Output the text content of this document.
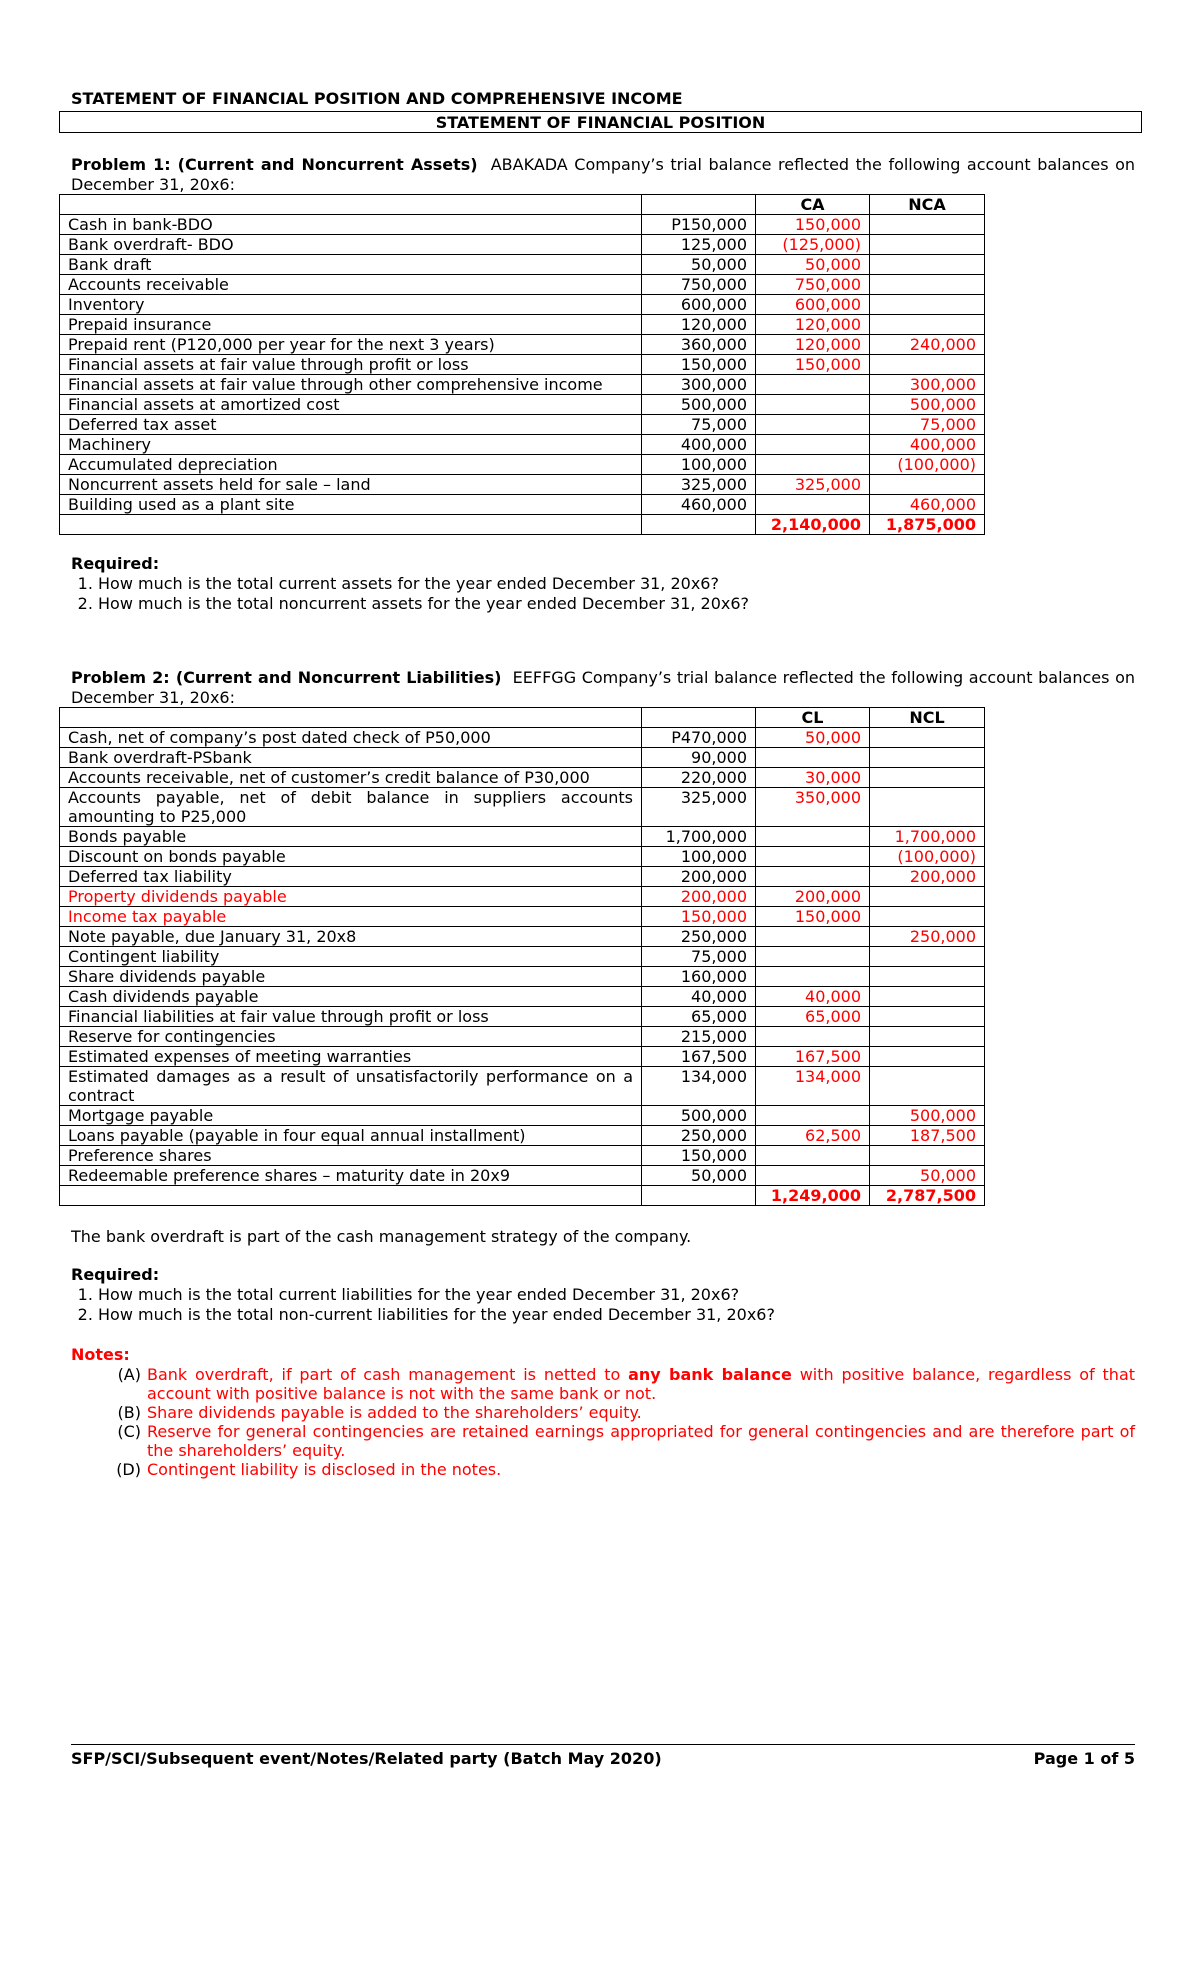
STATEMENT OF FINANCIAL POSITION AND COMPREHENSIVE INCOME
STATEMENT OF FINANCIAL POSITION
Problem 1: (Current and Noncurrent Assets) ABAKADA Company’s trial balance reflected the following account balances on December 31, 20x6:
		CA	NCA
Cash in bank-BDO	P150,000	150,000	
Bank overdraft- BDO	125,000	(125,000)	
Bank draft	50,000	50,000	
Accounts receivable	750,000	750,000	
Inventory	600,000	600,000	
Prepaid insurance	120,000	120,000	
Prepaid rent (P120,000 per year for the next 3 years)	360,000	120,000	240,000
Financial assets at fair value through profit or loss	150,000	150,000	
Financial assets at fair value through other comprehensive income	300,000		300,000
Financial assets at amortized cost	500,000		500,000
Deferred tax asset	75,000		75,000
Machinery	400,000		400,000
Accumulated depreciation	100,000		(100,000)
Noncurrent assets held for sale – land	325,000	325,000	
Building used as a plant site	460,000		460,000
		2,140,000	1,875,000
Required:
1. How much is the total current assets for the year ended December 31, 20x6?
2. How much is the total noncurrent assets for the year ended December 31, 20x6?
Problem 2: (Current and Noncurrent Liabilities) EEFFGG Company’s trial balance reflected the following account balances on December 31, 20x6:
		CL	NCL
Cash, net of company’s post dated check of P50,000	P470,000	50,000	
Bank overdraft-PSbank	90,000		
Accounts receivable, net of customer’s credit balance of P30,000	220,000	30,000	
Accounts payable, net of debit balance in suppliers accounts amounting to P25,000	325,000	350,000	
Bonds payable	1,700,000		1,700,000
Discount on bonds payable	100,000		(100,000)
Deferred tax liability	200,000		200,000
Property dividends payable	200,000	200,000	
Income tax payable	150,000	150,000	
Note payable, due January 31, 20x8	250,000		250,000
Contingent liability	75,000		
Share dividends payable	160,000		
Cash dividends payable	40,000	40,000	
Financial liabilities at fair value through profit or loss	65,000	65,000	
Reserve for contingencies	215,000		
Estimated expenses of meeting warranties	167,500	167,500	
Estimated damages as a result of unsatisfactorily performance on a contract	134,000	134,000	
Mortgage payable	500,000		500,000
Loans payable (payable in four equal annual installment)	250,000	62,500	187,500
Preference shares	150,000		
Redeemable preference shares – maturity date in 20x9	50,000		50,000
		1,249,000	2,787,500
The bank overdraft is part of the cash management strategy of the company.
Required:
1. How much is the total current liabilities for the year ended December 31, 20x6?
2. How much is the total non-current liabilities for the year ended December 31, 20x6?
Notes:
(A) Bank overdraft, if part of cash management is netted to any bank balance with positive balance, regardless of that account with positive balance is not with the same bank or not.
(B) Share dividends payable is added to the shareholders’ equity.
(C) Reserve for general contingencies are retained earnings appropriated for general contingencies and are therefore part of the shareholders’ equity.
(D) Contingent liability is disclosed in the notes.
SFP/SCI/Subsequent event/Notes/Related party (Batch May 2020)	Page 1 of 5
